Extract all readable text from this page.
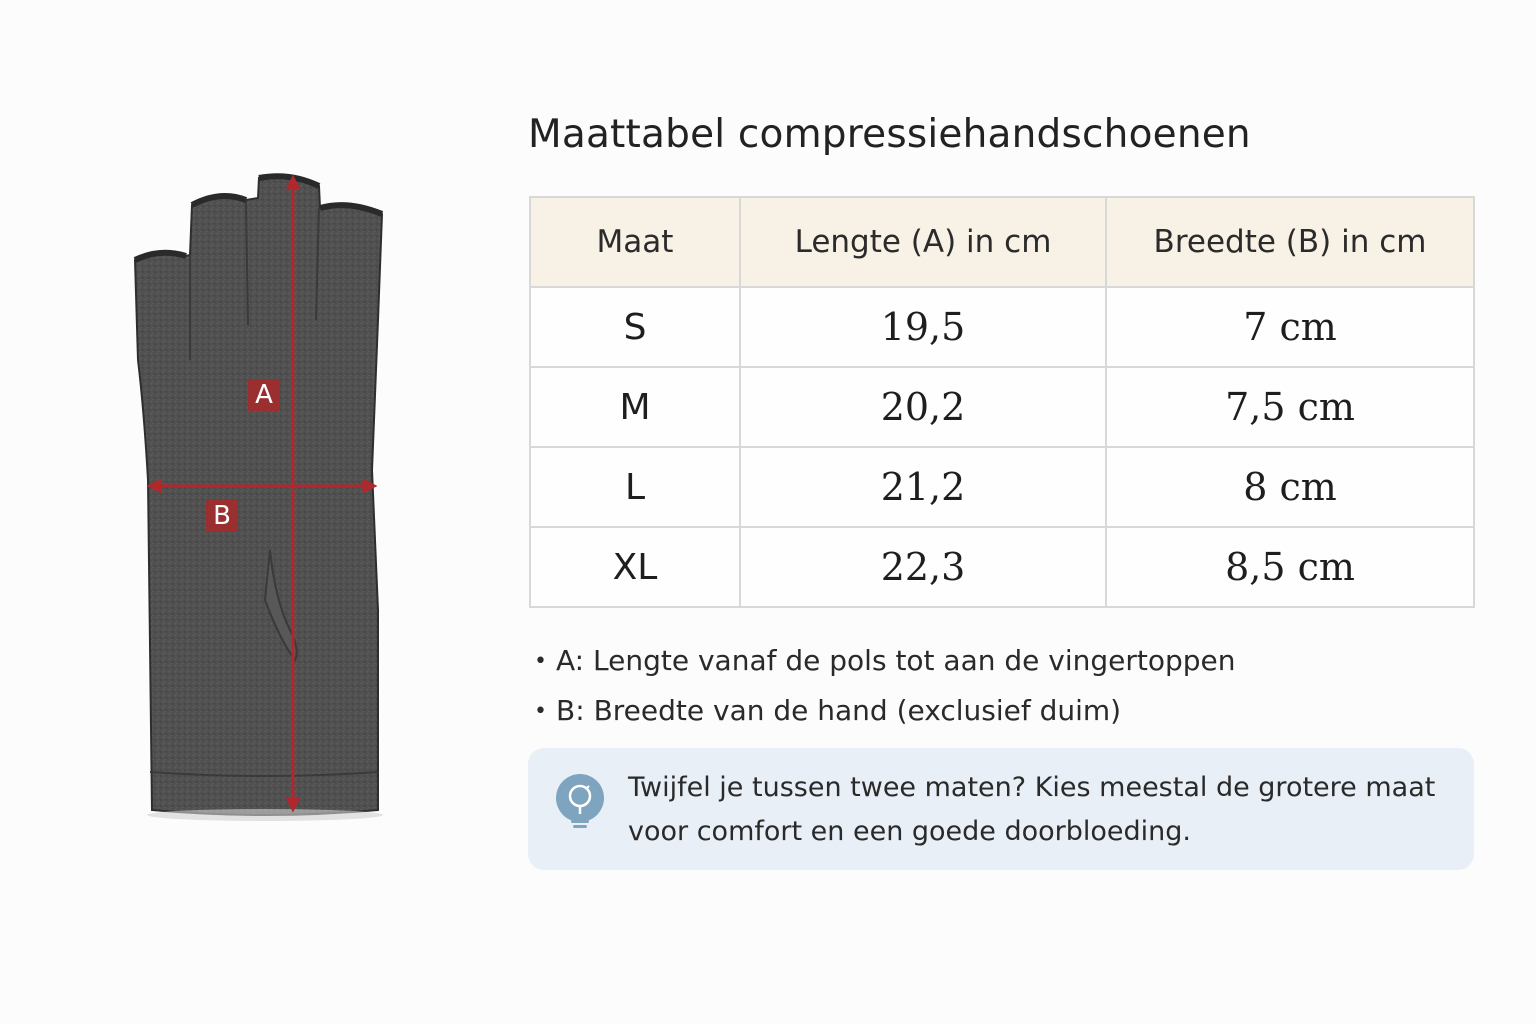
A
B
Maattabel compressiehandschoenen
Maat	Lengte (A) in cm	Breedte (B) in cm
S	19,5	7 cm
M	20,2	7,5 cm
L	21,2	8 cm
XL	22,3	8,5 cm
• A: Lengte vanaf de pols tot aan de vingertoppen
• B: Breedte van de hand (exclusief duim)

Twijfel je tussen twee maten? Kies meestal de grotere maat voor comfort en een goede doorbloeding.
